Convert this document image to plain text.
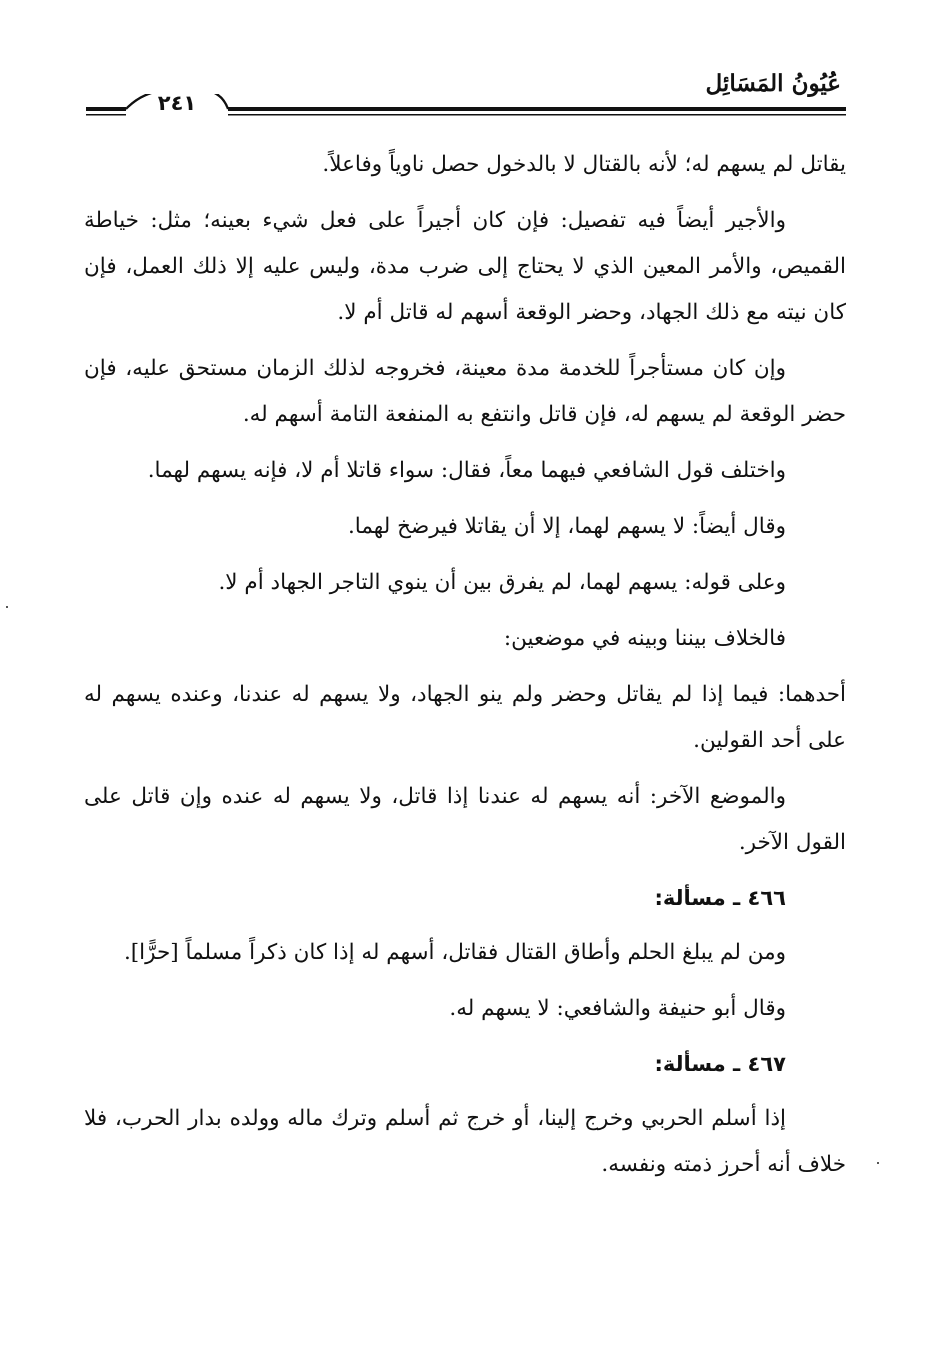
عُيُونُ المَسَائِل
٢٤١

يقاتل لم يسهم له؛ لأنه بالقتال لا بالدخول حصل ناوياً وفاعلاً.

والأجير أيضاً فيه تفصيل: فإن كان أجيراً على فعل شيء بعينه؛ مثل: خياطة القميص، والأمر المعين الذي لا يحتاج إلى ضرب مدة، وليس عليه إلا ذلك العمل، فإن كان نيته مع ذلك الجهاد، وحضر الوقعة أسهم له قاتل أم لا.

وإن كان مستأجراً للخدمة مدة معينة، فخروجه لذلك الزمان مستحق عليه، فإن حضر الوقعة لم يسهم له، فإن قاتل وانتفع به المنفعة التامة أسهم له.

واختلف قول الشافعي فيهما معاً، فقال: سواء قاتلا أم لا، فإنه يسهم لهما.

وقال أيضاً: لا يسهم لهما، إلا أن يقاتلا فيرضخ لهما.

وعلى قوله: يسهم لهما، لم يفرق بين أن ينوي التاجر الجهاد أم لا.

فالخلاف بيننا وبينه في موضعين:

أحدهما: فيما إذا لم يقاتل وحضر ولم ينو الجهاد، ولا يسهم له عندنا، وعنده يسهم له على أحد القولين.

والموضع الآخر: أنه يسهم له عندنا إذا قاتل، ولا يسهم له عنده وإن قاتل على القول الآخر.

٤٦٦ ـ مسألة:

ومن لم يبلغ الحلم وأطاق القتال فقاتل، أسهم له إذا كان ذكراً مسلماً [حرًّا].

وقال أبو حنيفة والشافعي: لا يسهم له.

٤٦٧ ـ مسألة:

إذا أسلم الحربي وخرج إلينا، أو خرج ثم أسلم وترك ماله وولده بدار الحرب، فلا خلاف أنه أحرز ذمته ونفسه.
